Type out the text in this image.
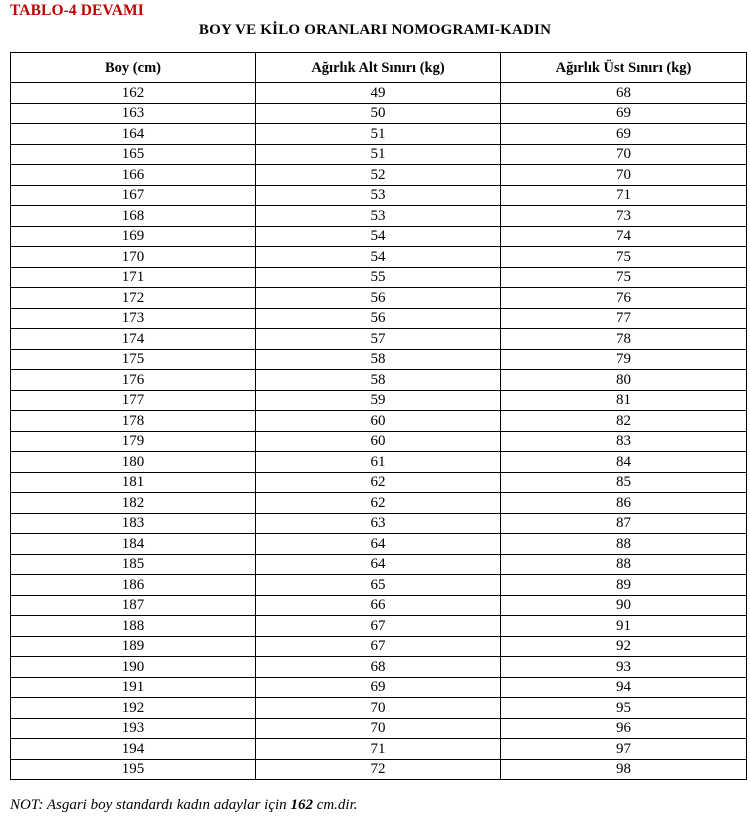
TABLO-4 DEVAMI
BOY VE KİLO ORANLARI NOMOGRAMI-KADIN
Boy (cm)	Ağırlık Alt Sınırı (kg)	Ağırlık Üst Sınırı (kg)
162	49	68
163	50	69
164	51	69
165	51	70
166	52	70
167	53	71
168	53	73
169	54	74
170	54	75
171	55	75
172	56	76
173	56	77
174	57	78
175	58	79
176	58	80
177	59	81
178	60	82
179	60	83
180	61	84
181	62	85
182	62	86
183	63	87
184	64	88
185	64	88
186	65	89
187	66	90
188	67	91
189	67	92
190	68	93
191	69	94
192	70	95
193	70	96
194	71	97
195	72	98
NOT: Asgari boy standardı kadın adaylar için 162 cm.dir.
